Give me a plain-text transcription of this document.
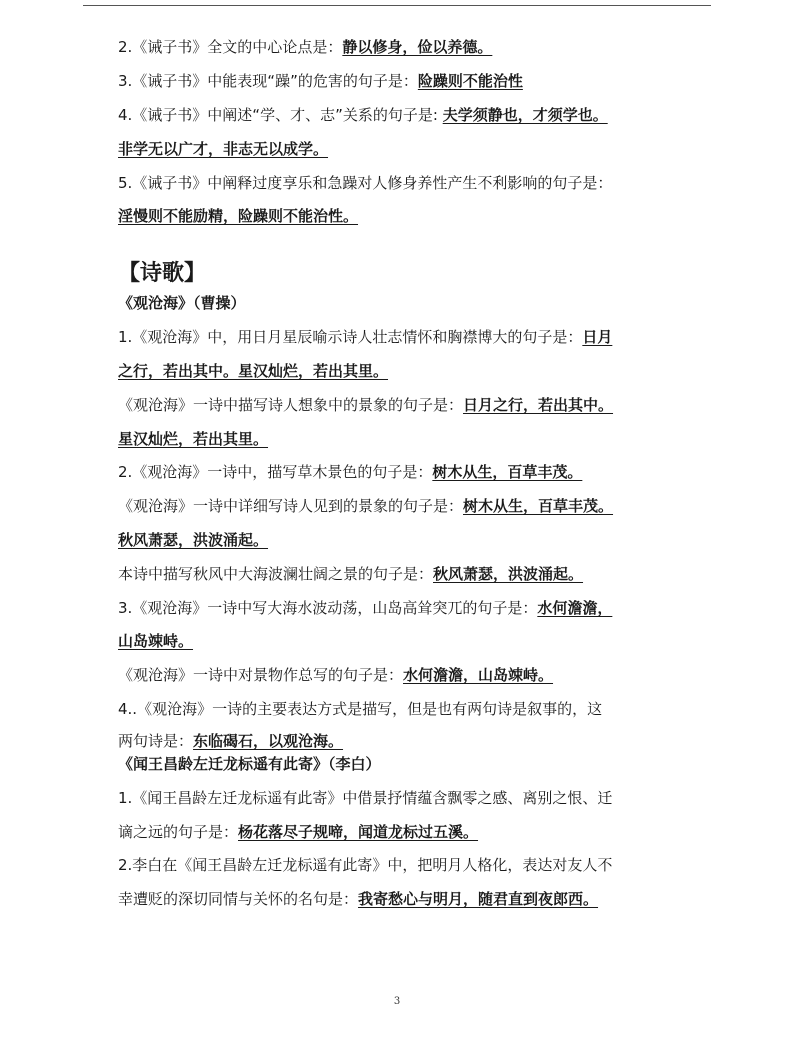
2.《诫子书》全文的中心论点是：静以修身，俭以养德。
3.《诫子书》中能表现“躁”的危害的句子是：险躁则不能治性
4.《诫子书》中阐述“学、才、志”关系的句子是: 夫学须静也，才须学也。
非学无以广才，非志无以成学。
5.《诫子书》中阐释过度享乐和急躁对人修身养性产生不利影响的句子是：
淫慢则不能励精，险躁则不能治性。
【诗歌】
《观沧海》（曹操）
1.《观沧海》中，用日月星辰喻示诗人壮志情怀和胸襟博大的句子是：日月
之行，若出其中。星汉灿烂，若出其里。
《观沧海》一诗中描写诗人想象中的景象的句子是：日月之行，若出其中。
星汉灿烂，若出其里。
2.《观沧海》一诗中，描写草木景色的句子是：树木从生，百草丰茂。
《观沧海》一诗中详细写诗人见到的景象的句子是：树木从生，百草丰茂。
秋风萧瑟，洪波涌起。
本诗中描写秋风中大海波澜壮阔之景的句子是：秋风萧瑟，洪波涌起。
3.《观沧海》一诗中写大海水波动荡，山岛高耸突兀的句子是：水何澹澹，
山岛竦峙。
《观沧海》一诗中对景物作总写的句子是：水何澹澹，山岛竦峙。
4..《观沧海》一诗的主要表达方式是描写，但是也有两句诗是叙事的，这
两句诗是：东临碣石，以观沧海。
《闻王昌龄左迁龙标遥有此寄》（李白）
1.《闻王昌龄左迁龙标遥有此寄》中借景抒情蕴含飘零之感、离别之恨、迁
谪之远的句子是：杨花落尽子规啼，闻道龙标过五溪。
2.李白在《闻王昌龄左迁龙标遥有此寄》中，把明月人格化，表达对友人不
幸遭贬的深切同情与关怀的名句是：我寄愁心与明月，随君直到夜郎西。
3
